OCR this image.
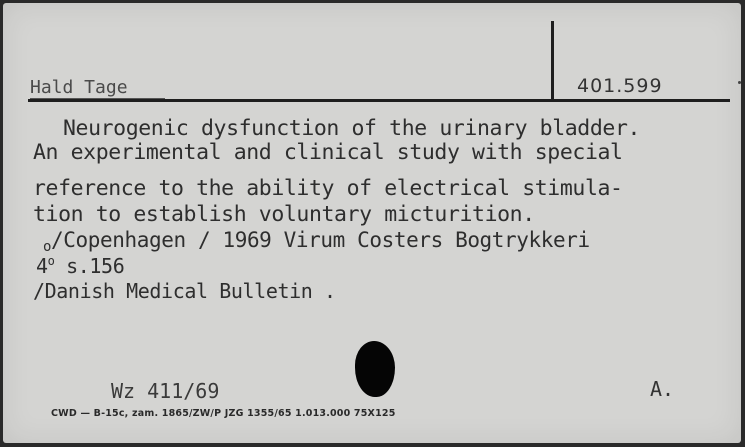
Hald Tage	401.599
Neurogenic dysfunction of the urinary bladder.
An experimental and clinical study with special
reference to the ability of electrical stimula-
tion to establish voluntary micturition.
o/Copenhagen / 1969 Virum Costers Bogtrykkeri
4$^o$ s.156
/Danish Medical Bulletin .
Wz 411/69	A.
CWD — B-15c, zam. 1865/ZW/P JZG 1355/65 1.013.000 75X125
